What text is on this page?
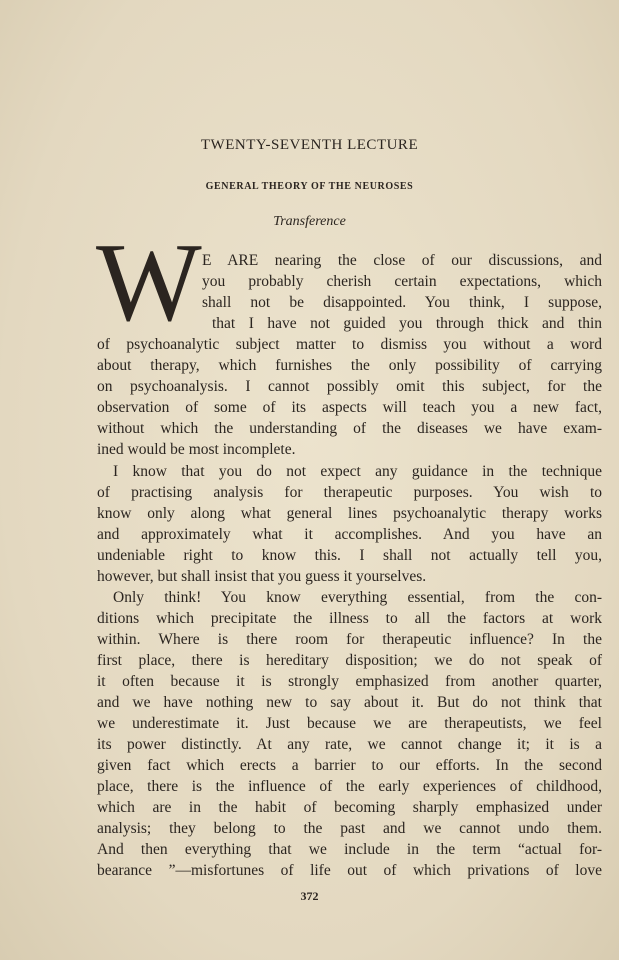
TWENTY-SEVENTH LECTURE
GENERAL THEORY OF THE NEUROSES
Transference
W E ARE nearing the close of our discussions, and
you probably cherish certain expectations, which
shall not be disappointed. You think, I suppose,
that I have not guided you through thick and thin
of psychoanalytic subject matter to dismiss you without a word
about therapy, which furnishes the only possibility of carrying
on psychoanalysis. I cannot possibly omit this subject, for the
observation of some of its aspects will teach you a new fact,
without which the understanding of the diseases we have exam-
ined would be most incomplete.
I know that you do not expect any guidance in the technique
of practising analysis for therapeutic purposes. You wish to
know only along what general lines psychoanalytic therapy works
and approximately what it accomplishes. And you have an
undeniable right to know this. I shall not actually tell you,
however, but shall insist that you guess it yourselves.
Only think! You know everything essential, from the con-
ditions which precipitate the illness to all the factors at work
within. Where is there room for therapeutic influence? In the
first place, there is hereditary disposition; we do not speak of
it often because it is strongly emphasized from another quarter,
and we have nothing new to say about it. But do not think that
we underestimate it. Just because we are therapeutists, we feel
its power distinctly. At any rate, we cannot change it; it is a
given fact which erects a barrier to our efforts. In the second
place, there is the influence of the early experiences of childhood,
which are in the habit of becoming sharply emphasized under
analysis; they belong to the past and we cannot undo them.
And then everything that we include in the term “actual for-
bearance ”—misfortunes of life out of which privations of love
372
